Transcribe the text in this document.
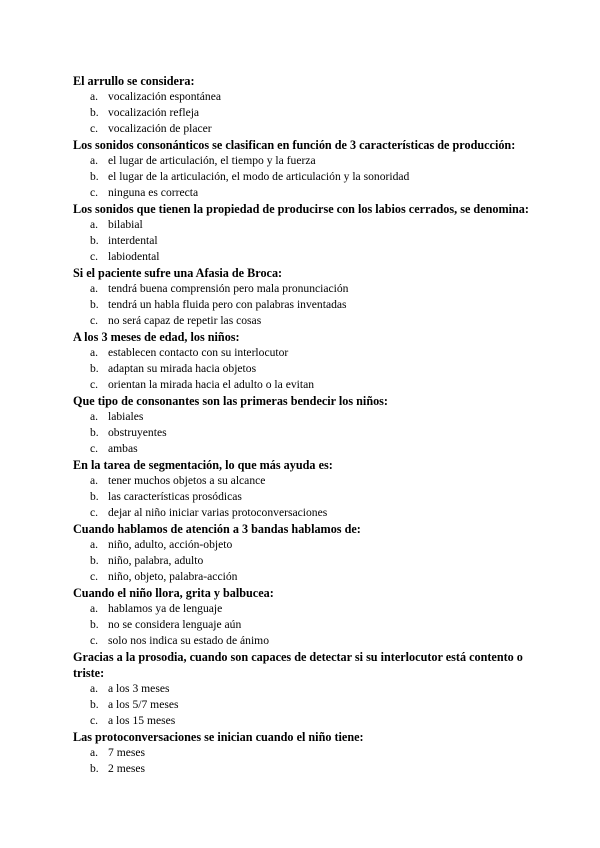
El arrullo se considera:

a. vocalización espontánea
b. vocalización refleja
c. vocalización de placer

Los sonidos consonánticos se clasifican en función de 3 características de producción:

a. el lugar de articulación, el tiempo y la fuerza
b. el lugar de la articulación, el modo de articulación y la sonoridad
c. ninguna es correcta

Los sonidos que tienen la propiedad de producirse con los labios cerrados, se denomina:

a. bilabial
b. interdental
c. labiodental

Si el paciente sufre una Afasia de Broca:

a. tendrá buena comprensión pero mala pronunciación
b. tendrá un habla fluida pero con palabras inventadas
c. no será capaz de repetir las cosas

A los 3 meses de edad, los niños:

a. establecen contacto con su interlocutor
b. adaptan su mirada hacia objetos
c. orientan la mirada hacia el adulto o la evitan

Que tipo de consonantes son las primeras bendecir los niños:

a. labiales
b. obstruyentes
c. ambas

En la tarea de segmentación, lo que más ayuda es:

a. tener muchos objetos a su alcance
b. las características prosódicas
c. dejar al niño iniciar varias protoconversaciones

Cuando hablamos de atención a 3 bandas hablamos de:

a. niño, adulto, acción-objeto
b. niño, palabra, adulto
c. niño, objeto, palabra-acción

Cuando el niño llora, grita y balbucea:

a. hablamos ya de lenguaje
b. no se considera lenguaje aún
c. solo nos indica su estado de ánimo

Gracias a la prosodia, cuando son capaces de detectar si su interlocutor está contento o triste:

a. a los 3 meses
b. a los 5/7 meses
c. a los 15 meses

Las protoconversaciones se inician cuando el niño tiene:

a. 7 meses
b. 2 meses
